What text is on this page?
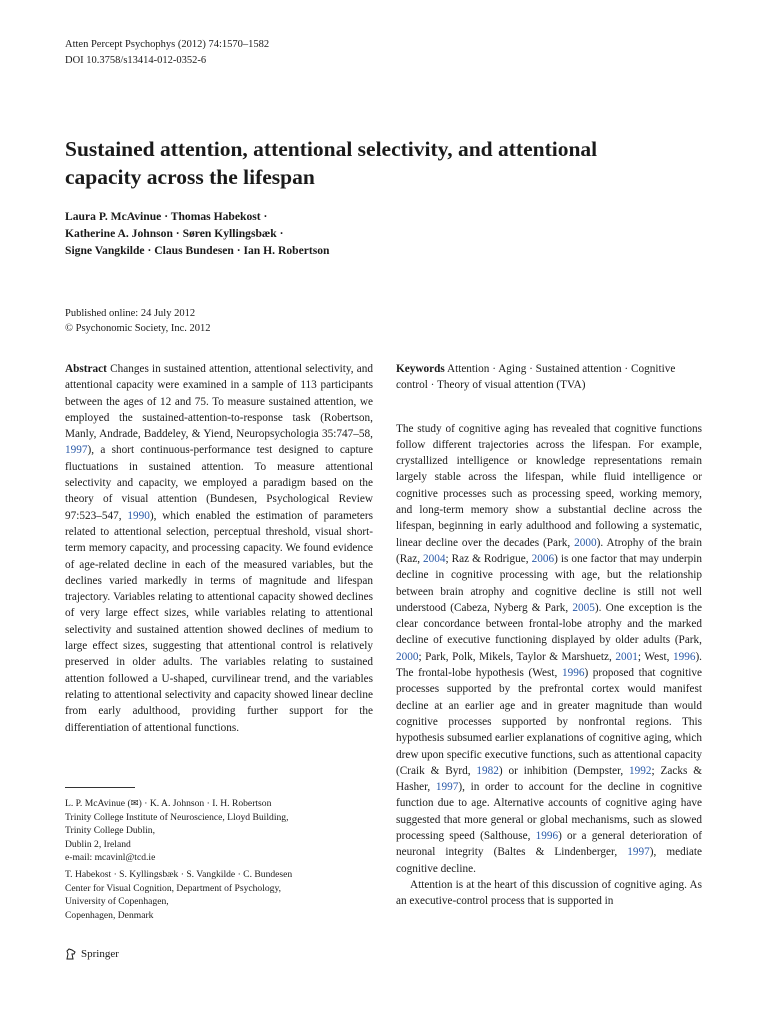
Atten Percept Psychophys (2012) 74:1570–1582
DOI 10.3758/s13414-012-0352-6
Sustained attention, attentional selectivity, and attentional
capacity across the lifespan
Laura P. McAvinue · Thomas Habekost ·
Katherine A. Johnson · Søren Kyllingsbæk ·
Signe Vangkilde · Claus Bundesen · Ian H. Robertson
Published online: 24 July 2012
© Psychonomic Society, Inc. 2012
Abstract Changes in sustained attention, attentional selectivity, and attentional capacity were examined in a sample of 113 participants between the ages of 12 and 75. To measure sustained attention, we employed the sustained-attention-to-response task (Robertson, Manly, Andrade, Baddeley, & Yiend, Neuropsychologia 35:747–58, 1997), a short continuous-performance test designed to capture fluctuations in sustained attention. To measure attentional selectivity and capacity, we employed a paradigm based on the theory of visual attention (Bundesen, Psychological Review 97:523–547, 1990), which enabled the estimation of parameters related to attentional selection, perceptual threshold, visual short-term memory capacity, and processing capacity. We found evidence of age-related decline in each of the measured variables, but the declines varied markedly in terms of magnitude and lifespan trajectory. Variables relating to attentional capacity showed declines of very large effect sizes, while variables relating to attentional selectivity and sustained attention showed declines of medium to large effect sizes, suggesting that attentional control is relatively preserved in older adults. The variables relating to sustained attention followed a U-shaped, curvilinear trend, and the variables relating to attentional selectivity and capacity showed linear decline from early adulthood, providing further support for the differentiation of attentional functions.
L. P. McAvinue (✉) · K. A. Johnson · I. H. Robertson
Trinity College Institute of Neuroscience, Lloyd Building,
Trinity College Dublin,
Dublin 2, Ireland
e-mail: mcavinl@tcd.ie
T. Habekost · S. Kyllingsbæk · S. Vangkilde · C. Bundesen
Center for Visual Cognition, Department of Psychology,
University of Copenhagen,
Copenhagen, Denmark
Keywords Attention · Aging · Sustained attention · Cognitive control · Theory of visual attention (TVA)

The study of cognitive aging has revealed that cognitive functions follow different trajectories across the lifespan. For example, crystallized intelligence or knowledge representations remain largely stable across the lifespan, while fluid intelligence or cognitive processes such as processing speed, working memory, and long-term memory show a substantial decline across the lifespan, beginning in early adulthood and following a systematic, linear decline over the decades (Park, 2000). Atrophy of the brain (Raz, 2004; Raz & Rodrigue, 2006) is one factor that may underpin decline in cognitive processing with age, but the relationship between brain atrophy and cognitive decline is still not well understood (Cabeza, Nyberg & Park, 2005). One exception is the clear concordance between frontal-lobe atrophy and the marked decline of executive functioning displayed by older adults (Park, 2000; Park, Polk, Mikels, Taylor & Marshuetz, 2001; West, 1996). The frontal-lobe hypothesis (West, 1996) proposed that cognitive processes supported by the prefrontal cortex would manifest decline at an earlier age and in greater magnitude than would cognitive processes supported by nonfrontal regions. This hypothesis subsumed earlier explanations of cognitive aging, which drew upon specific executive functions, such as attentional capacity (Craik & Byrd, 1982) or inhibition (Dempster, 1992; Zacks & Hasher, 1997), in order to account for the decline in cognitive function due to age. Alternative accounts of cognitive aging have suggested that more general or global mechanisms, such as slowed processing speed (Salthouse, 1996) or a general deterioration of neuronal integrity (Baltes & Lindenberger, 1997), mediate cognitive decline.

Attention is at the heart of this discussion of cognitive aging. As an executive-control process that is supported in

Springer
